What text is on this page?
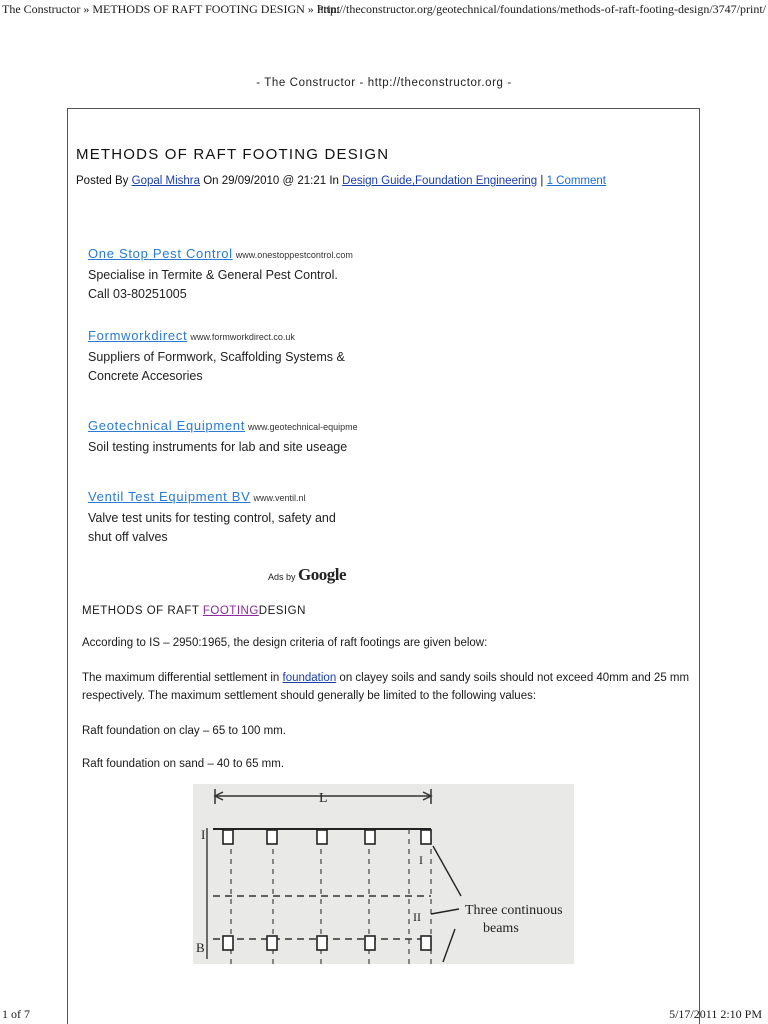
The Constructor » METHODS OF RAFT FOOTING DESIGN » Print
http://theconstructor.org/geotechnical/foundations/methods-of-raft-footing-design/3747/print/
- The Constructor - http://theconstructor.org -
METHODS OF RAFT FOOTING DESIGN
Posted By Gopal Mishra On 29/09/2010 @ 21:21 In Design Guide,Foundation Engineering | 1 Comment
One Stop Pest Control www.onestoppestcontrol.com
Specialise in Termite & General Pest Control.
Call 03-80251005
Formworkdirect www.formworkdirect.co.uk
Suppliers of Formwork, Scaffolding Systems &
Concrete Accesories
Geotechnical Equipment www.geotechnical-equipme
Soil testing instruments for lab and site useage
Ventil Test Equipment BV www.ventil.nl
Valve test units for testing control, safety and
shut off valves
Ads by Google
METHODS OF RAFT FOOTINGDESIGN
According to IS – 2950:1965, the design criteria of raft footings are given below:
The maximum differential settlement in foundation on clayey soils and sandy soils should not exceed 40mm and 25 mm respectively. The maximum settlement should generally be limited to the following values:
Raft foundation on clay – 65 to 100 mm.
Raft foundation on sand – 40 to 65 mm.
L
I
B
I
II	Three continuous
beams
1 of 7	5/17/2011 2:10 PM
